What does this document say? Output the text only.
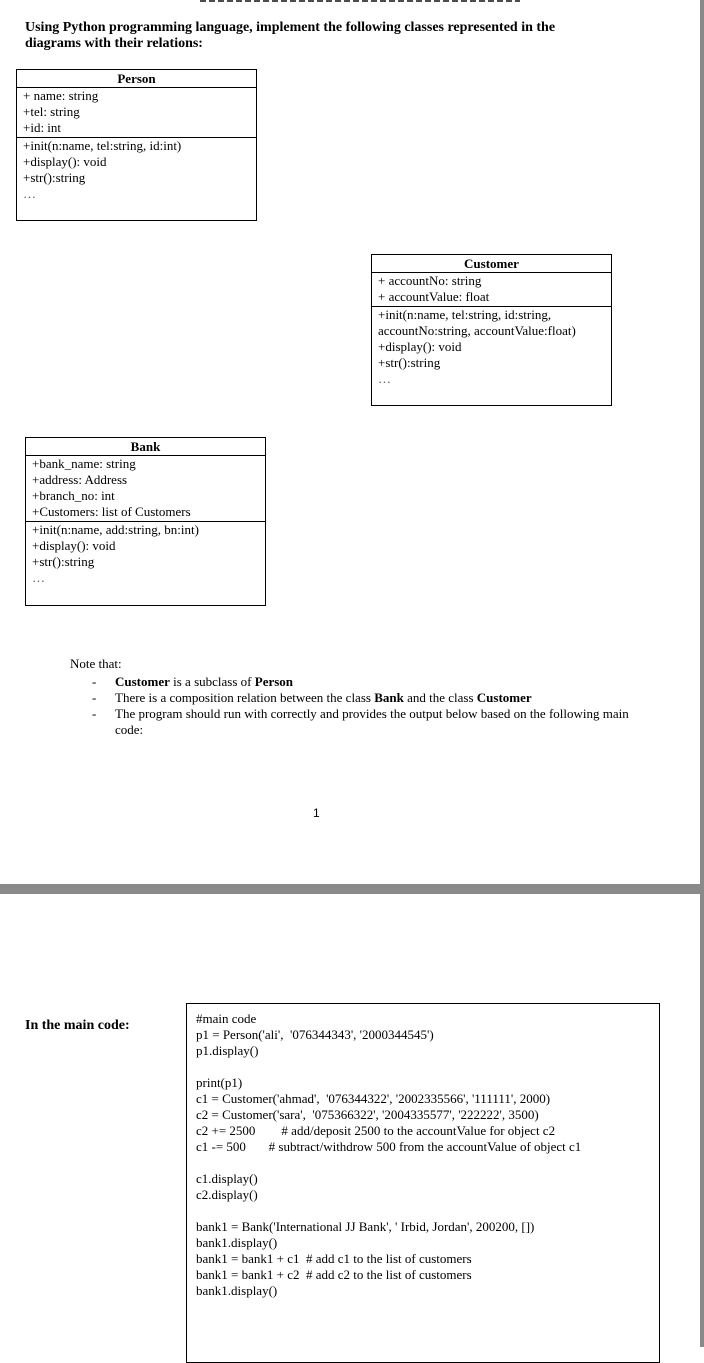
Using Python programming language, implement the following classes represented in the diagrams with their relations:
Person
+ name: string
+tel: string
+id: int
+init(n:name, tel:string, id:int)
+display(): void
+str():string
…
Customer
+ accountNo: string
+ accountValue: float
+init(n:name, tel:string, id:string, accountNo:string, accountValue:float)
+display(): void
+str():string
…
Bank
+bank_name: string
+address: Address
+branch_no: int
+Customers: list of Customers
+init(n:name, add:string, bn:int)
+display(): void
+str():string
…
Note that:
- Customer is a subclass of Person
- There is a composition relation between the class Bank and the class Customer
- The program should run with correctly and provides the output below based on the following main code:
1
In the main code:	#main code
p1 = Person('ali',  '076344343', '2000344545')
p1.display()
print(p1)
c1 = Customer('ahmad',  '076344322', '2002335566', '111111', 2000)
c2 = Customer('sara',  '075366322', '2004335577', '222222', 3500)
c2 += 2500        # add/deposit 2500 to the accountValue for object c2
c1 -= 500       # subtract/withdrow 500 from the accountValue of object c1
c1.display()
c2.display()
bank1 = Bank('International JJ Bank', ' Irbid, Jordan', 200200, [])
bank1.display()
bank1 = bank1 + c1  # add c1 to the list of customers
bank1 = bank1 + c2  # add c2 to the list of customers
bank1.display()
